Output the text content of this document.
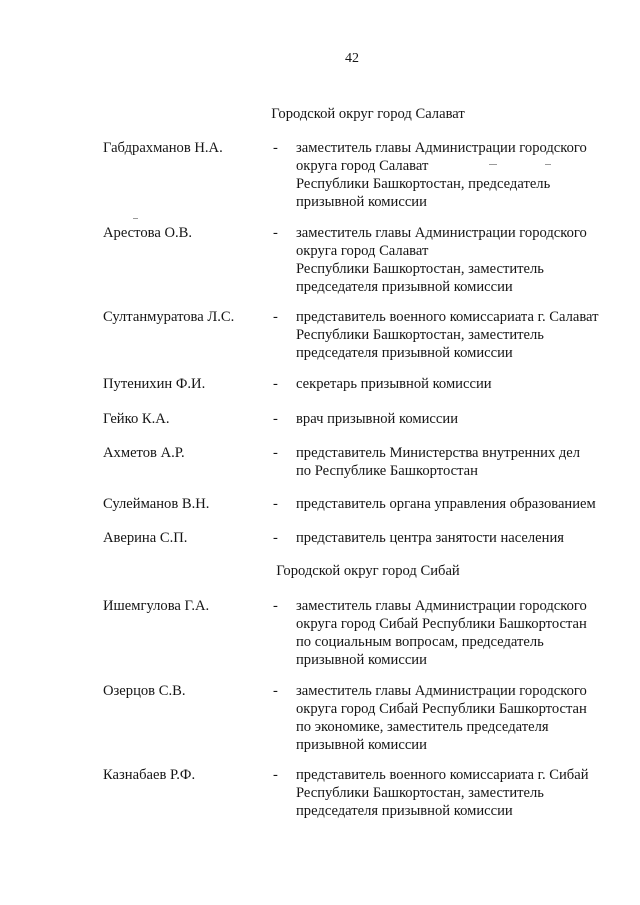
42
Городской округ город Салават
Габдрахманов Н.А.	- заместитель главы Администрации городского
округа город Салават
Республики Башкортостан, председатель
призывной комиссии
Арестова О.В.	- заместитель главы Администрации городского
округа город Салават
Республики Башкортостан, заместитель
председателя призывной комиссии
Султанмуратова Л.С.	- представитель военного комиссариата г. Салават
Республики Башкортостан, заместитель
председателя призывной комиссии
Путенихин Ф.И.	- секретарь призывной комиссии
Гейко К.А.	- врач призывной комиссии
Ахметов А.Р.	- представитель Министерства внутренних дел
по Республике Башкортостан
Сулейманов В.Н.	- представитель органа управления образованием
Аверина С.П.	- представитель центра занятости населения
Городской округ город Сибай
Ишемгулова Г.А.	- заместитель главы Администрации городского
округа город Сибай Республики Башкортостан
по социальным вопросам, председатель
призывной комиссии
Озерцов С.В.	- заместитель главы Администрации городского
округа город Сибай Республики Башкортостан
по экономике, заместитель председателя
призывной комиссии
Казнабаев Р.Ф.	- представитель военного комиссариата г. Сибай
Республики Башкортостан, заместитель
председателя призывной комиссии
